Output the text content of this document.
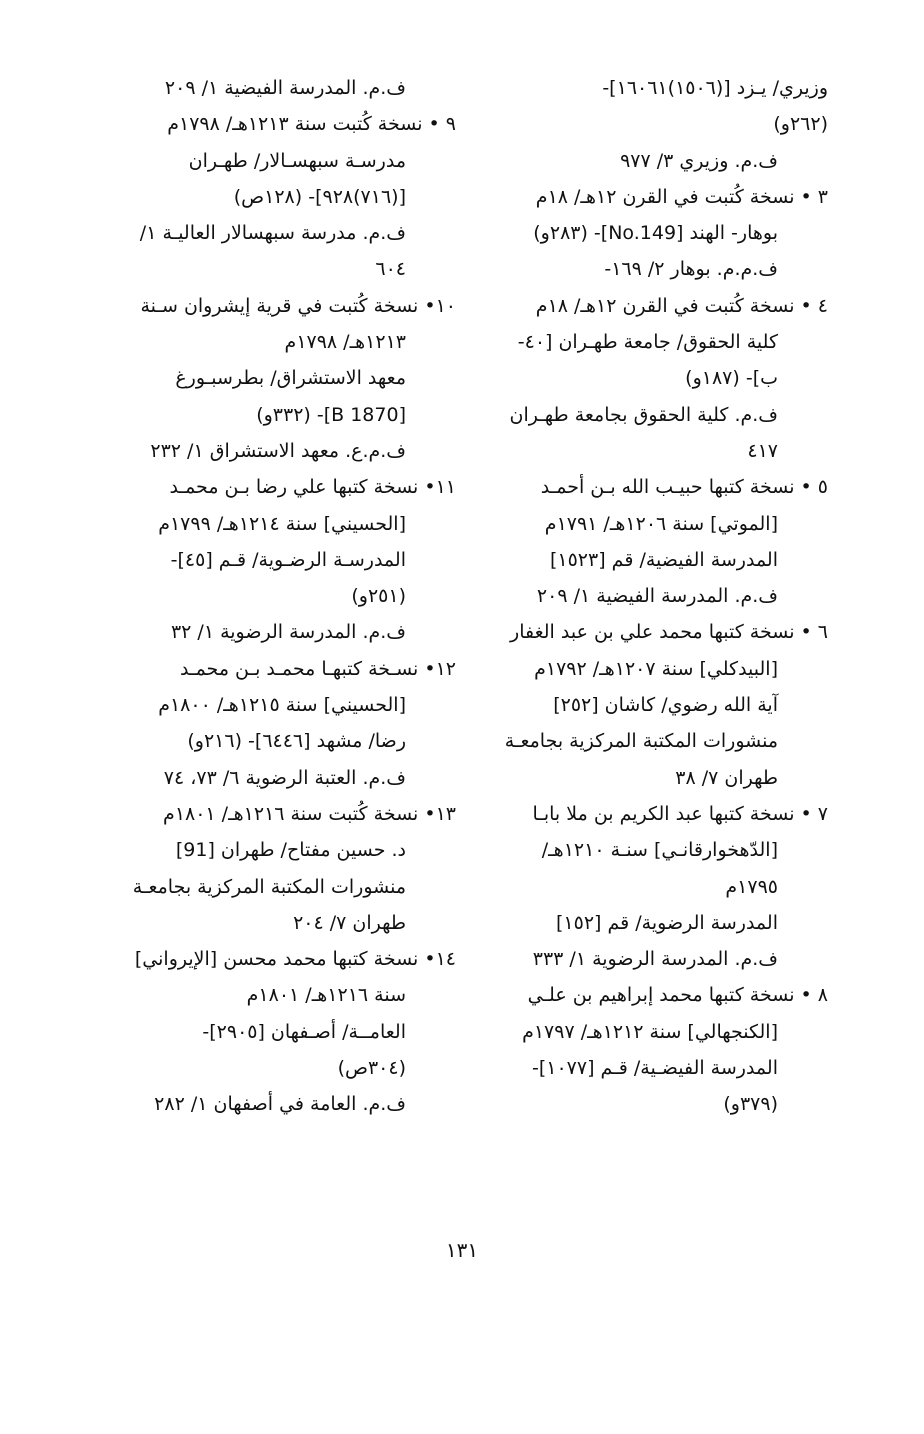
وزيري/ يـزد [(١٥٠٦)١٦٠٦١]-
(٢٦٢و)
ف.م. وزيري ٣/ ٩٧٧
٣ • نسخة كُتبت في القرن ١٢هـ/ ١٨م
بوهار- الهند [No.149]- (٢٨٣و)
ف.م.م. بوهار ٢/ ١٦٩-
٤ • نسخة كُتبت في القرن ١٢هـ/ ١٨م
كلية الحقوق/ جامعة طهـران [٤٠-
ب]- (١٨٧و)
ف.م. كلية الحقوق بجامعة طهـران
٤١٧
٥ • نسخة كتبها حبيـب الله بـن أحمـد
[الموتي] سنة ١٢٠٦هـ/ ١٧٩١م
المدرسة الفيضية/ قم [١٥٢٣]
ف.م. المدرسة الفيضية ١/ ٢٠٩
٦ • نسخة كتبها محمد علي بن عبد الغفار
[البيدكلي] سنة ١٢٠٧هـ/ ١٧٩٢م
آية الله رضوي/ كاشان [٢٥٢]
منشورات المكتبة المركزية بجامعـة
طهران ٧/ ٣٨
٧ • نسخة كتبها عبد الكريم بن ملا بابـا
[الدّهخوارقانـي] سنـة ١٢١٠هـ/
١٧٩٥م
المدرسة الرضوية/ قم [١٥٢]
ف.م. المدرسة الرضوية ١/ ٣٣٣
٨ • نسخة كتبها محمد إبراهيم بن علـي
[الكنجهالي] سنة ١٢١٢هـ/ ١٧٩٧م
المدرسة الفيضـية/ قـم [١٠٧٧]-
(٣٧٩و)
ف.م. المدرسة الفيضية ١/ ٢٠٩
٩ • نسخة كُتبت سنة ١٢١٣هـ/ ١٧٩٨م
مدرسـة سبهسـالار/ طهـران
[(٧١٦)٩٢٨]- (١٢٨ص)
ف.م. مدرسة سبهسالار العاليـة ١/
٦٠٤
١٠• نسخة كُتبت في قرية إيشروان سـنة
١٢١٣هـ/ ١٧٩٨م
معهد الاستشراق/ بطرسبـورغ
[B 1870]- (٣٣٢و)
ف.م.ع. معهد الاستشراق ١/ ٢٣٢
١١• نسخة كتبها علي رضا بـن محمـد
[الحسيني] سنة ١٢١٤هـ/ ١٧٩٩م
المدرسـة الرضـوية/ قـم [٤٥]-
(٢٥١و)
ف.م. المدرسة الرضوية ١/ ٣٢
١٢• نسـخة كتبهـا محمـد بـن محمـد
[الحسيني] سنة ١٢١٥هـ/ ١٨٠٠م
رضا/ مشهد [٦٤٤٦]- (٢١٦و)
ف.م. العتبة الرضوية ٦/ ٧٣، ٧٤
١٣• نسخة كُتبت سنة ١٢١٦هـ/ ١٨٠١م
د. حسين مفتاح/ طهران [91]
منشورات المكتبة المركزية بجامعـة
طهران ٧/ ٢٠٤
١٤• نسخة كتبها محمد محسن [الإيرواني]
سنة ١٢١٦هـ/ ١٨٠١م
العامــة/ أصـفهان [٢٩٠٥]-
(٣٠٤ص)
ف.م. العامة في أصفهان ١/ ٢٨٢
١٣١
